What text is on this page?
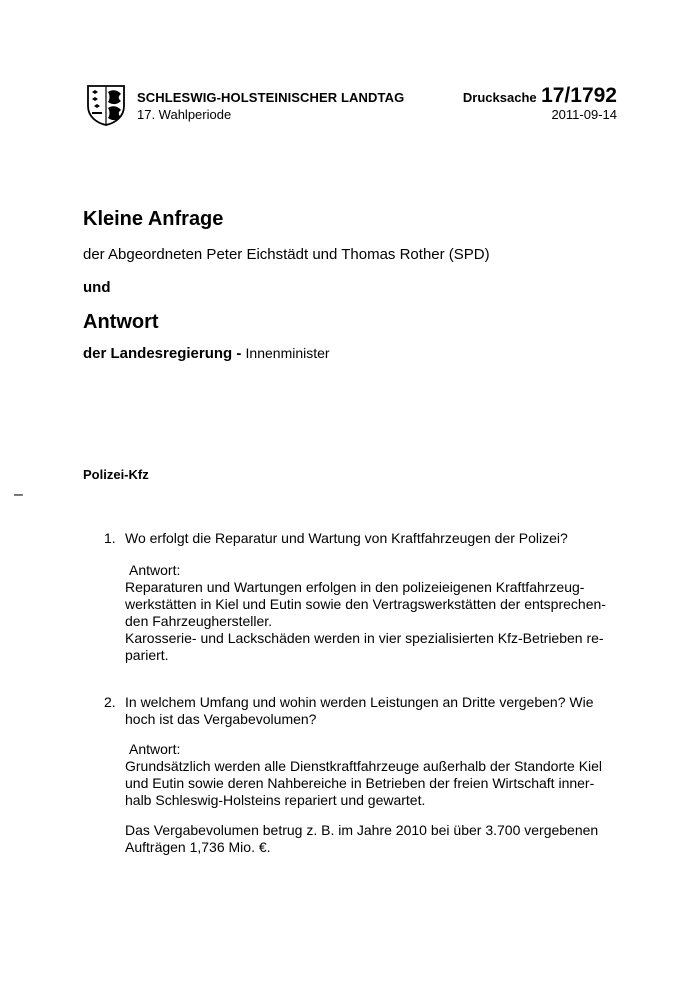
SCHLESWIG-HOLSTEINISCHER LANDTAG
17. Wahlperiode
Drucksache 17/1792
2011-09-14
Kleine Anfrage
der Abgeordneten Peter Eichstädt und Thomas Rother (SPD)
und
Antwort
der Landesregierung - Innenminister
Polizei-Kfz
–
1. Wo erfolgt die Reparatur und Wartung von Kraftfahrzeugen der Polizei?
Antwort:
Reparaturen und Wartungen erfolgen in den polizeieigenen Kraftfahrzeug-
werkstätten in Kiel und Eutin sowie den Vertragswerkstätten der entsprechen-
den Fahrzeughersteller.
Karosserie- und Lackschäden werden in vier spezialisierten Kfz-Betrieben re-
pariert.
2. In welchem Umfang und wohin werden Leistungen an Dritte vergeben? Wie
hoch ist das Vergabevolumen?
Antwort:
Grundsätzlich werden alle Dienstkraftfahrzeuge außerhalb der Standorte Kiel
und Eutin sowie deren Nahbereiche in Betrieben der freien Wirtschaft inner-
halb Schleswig-Holsteins repariert und gewartet.
Das Vergabevolumen betrug z. B. im Jahre 2010 bei über 3.700 vergebenen
Aufträgen 1,736 Mio. €.
